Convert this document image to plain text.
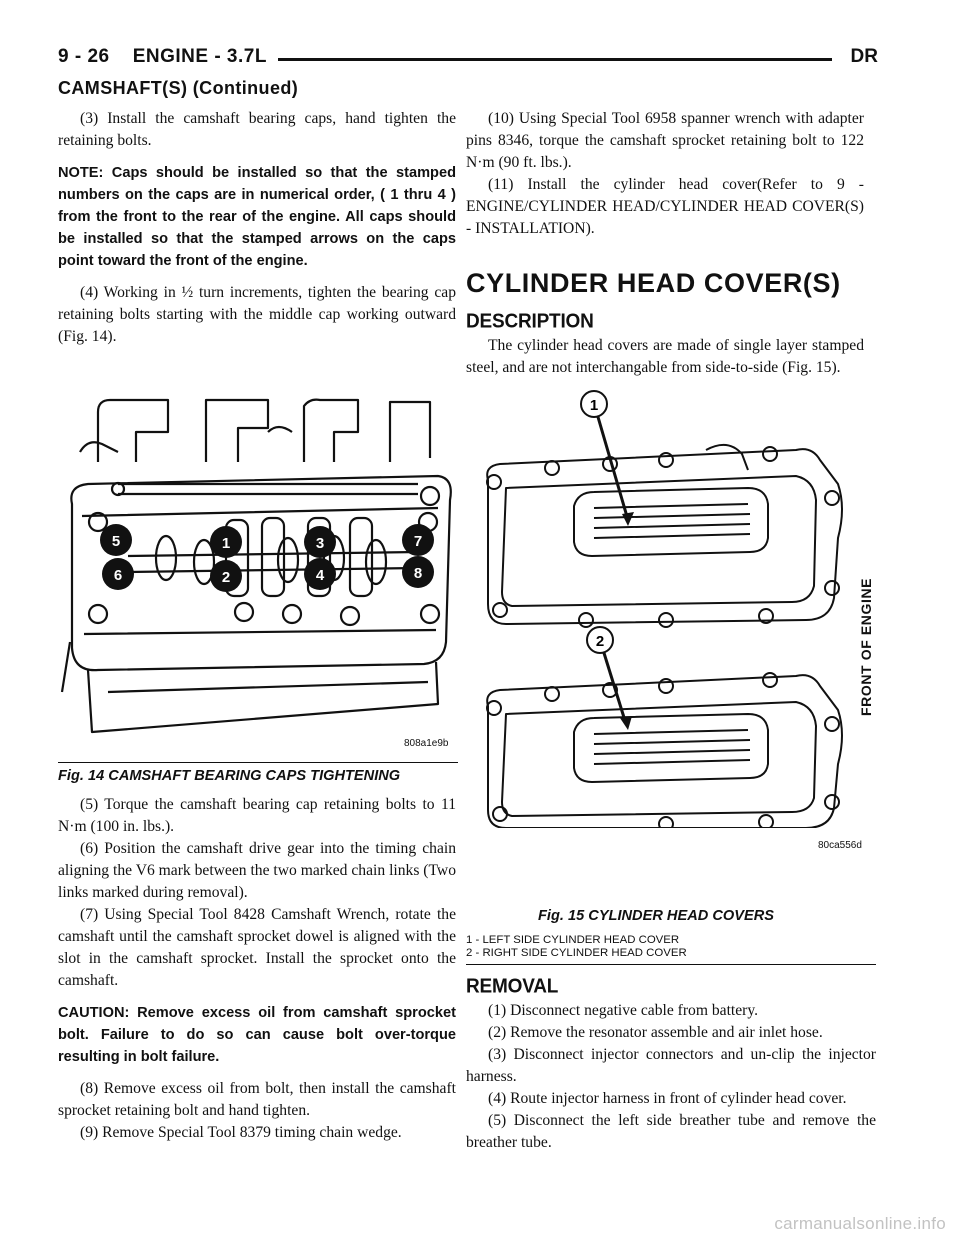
9 - 26    ENGINE - 3.7L	DR
CAMSHAFT(S) (Continued)

(3) Install the camshaft bearing caps, hand tighten the retaining bolts.

NOTE: Caps should be installed so that the stamped numbers on the caps are in numerical order, ( 1 thru 4 ) from the front to the rear of the engine. All caps should be installed so that the stamped arrows on the caps point toward the front of the engine.

(4) Working in ½ turn increments, tighten the bearing cap retaining bolts starting with the middle cap working outward (Fig. 14).

5	1	3	7
6	2	4	8
808a1e9b
Fig. 14 CAMSHAFT BEARING CAPS TIGHTENING

(5) Torque the camshaft bearing cap retaining bolts to 11 N·m (100 in. lbs.).

(6) Position the camshaft drive gear into the timing chain aligning the V6 mark between the two marked chain links (Two links marked during removal).

(7) Using Special Tool 8428 Camshaft Wrench, rotate the camshaft until the camshaft sprocket dowel is aligned with the slot in the camshaft sprocket. Install the sprocket onto the camshaft.

CAUTION: Remove excess oil from camshaft sprocket bolt. Failure to do so can cause bolt over-torque resulting in bolt failure.

(8) Remove excess oil from bolt, then install the camshaft sprocket retaining bolt and hand tighten.

(9) Remove Special Tool 8379 timing chain wedge.

(10) Using Special Tool 6958 spanner wrench with adapter pins 8346, torque the camshaft sprocket retaining bolt to 122 N·m (90 ft. lbs.).

(11) Install the cylinder head cover(Refer to 9 - ENGINE/CYLINDER HEAD/CYLINDER HEAD COVER(S) - INSTALLATION).

CYLINDER HEAD COVER(S)
DESCRIPTION

The cylinder head covers are made of single layer stamped steel, and are not interchangable from side-to-side (Fig. 15).

1
2
80ca556d
FRONT OF ENGINE
Fig. 15 CYLINDER HEAD COVERS
1 - LEFT SIDE CYLINDER HEAD COVER
2 - RIGHT SIDE CYLINDER HEAD COVER
REMOVAL

(1) Disconnect negative cable from battery.

(2) Remove the resonator assemble and air inlet hose.

(3) Disconnect injector connectors and un-clip the injector harness.

(4) Route injector harness in front of cylinder head cover.

(5) Disconnect the left side breather tube and remove the breather tube.

carmanualsonline.info
